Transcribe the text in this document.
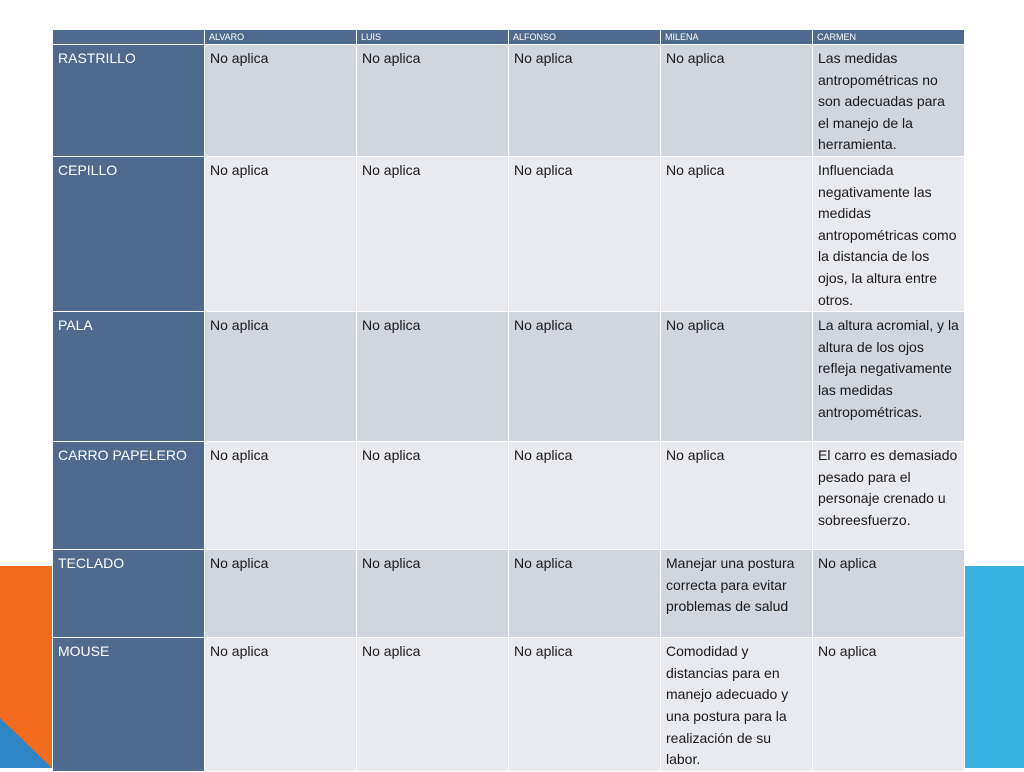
	ALVARO	LUIS	ALFONSO	MILENA	CARMEN
RASTRILLO	No aplica	No aplica	No aplica	No aplica	Las medidas antropométricas no son adecuadas para el manejo de la herramienta.
CEPILLO	No aplica	No aplica	No aplica	No aplica	Influenciada negativamente las medidas antropométricas como la distancia de los ojos, la altura entre otros.
PALA	No aplica	No aplica	No aplica	No aplica	La altura acromial, y la altura de los ojos refleja negativamente las medidas antropométricas.
CARRO PAPELERO	No aplica	No aplica	No aplica	No aplica	El carro es demasiado pesado para el personaje crenado u sobreesfuerzo.
TECLADO	No aplica	No aplica	No aplica	Manejar una postura correcta para evitar problemas de salud	No aplica
MOUSE	No aplica	No aplica	No aplica	Comodidad y distancias para en manejo adecuado y una postura para la realización de su labor.	No aplica
